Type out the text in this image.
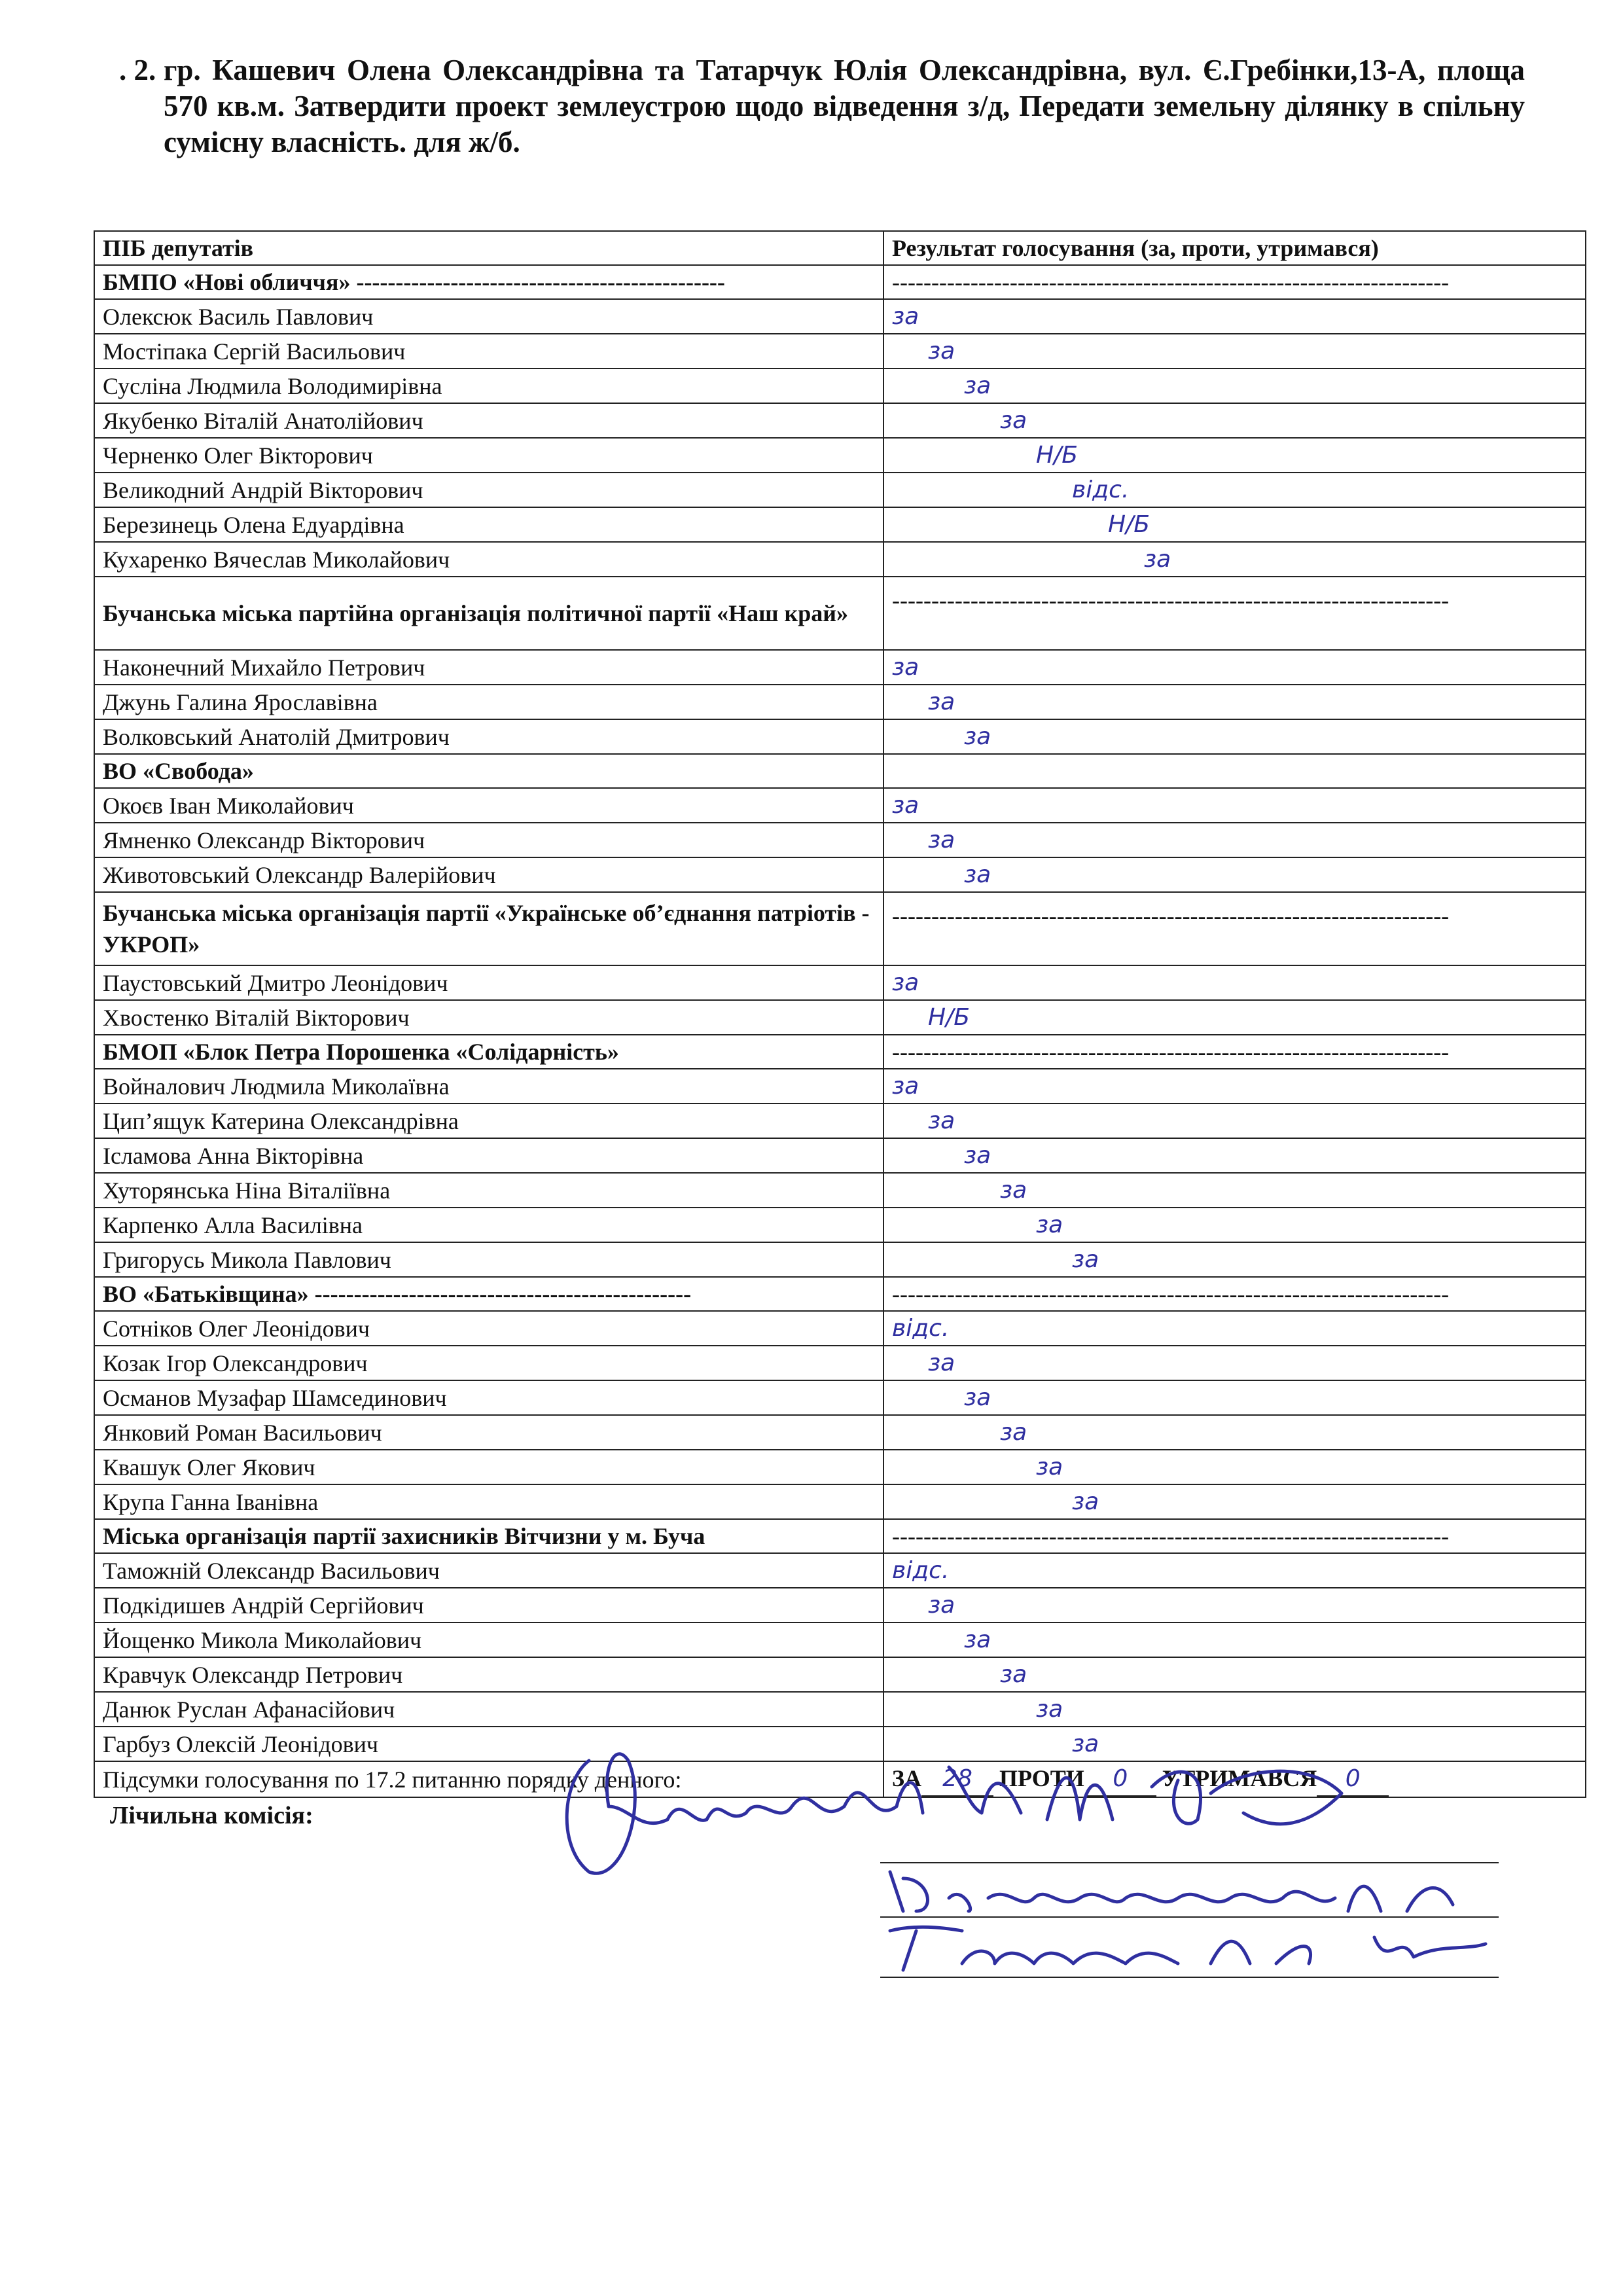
. 2. гр. Кашевич Олена Олександрівна та Татарчук Юлія Олександрівна, вул. Є.Гребінки,13-А, площа 570 кв.м. Затвердити проект землеустрою щодо відведення з/д, Передати земельну ділянку в спільну сумісну власність. для ж/б.
ПІБ депутатів	Результат голосування (за, проти, утримався)
БМПО «Нові обличчя» -----------------------------------------------	-----------------------------------------------------------------------
Олексюк Василь Павлович	за
Мостіпака Сергій Васильович	за
Сусліна Людмила Володимирівна	за
Якубенко Віталій Анатолійович	за
Черненко Олег Вікторович	Н/Б
Великодний Андрій Вікторович	відс.
Березинець Олена Едуардівна	Н/Б
Кухаренко Вячеслав Миколайович	за
Бучанська міська партійна організація політичної партії «Наш край»	-----------------------------------------------------------------------
Наконечний Михайло Петрович	за
Джунь Галина Ярославівна	за
Волковський Анатолій Дмитрович	за
ВО «Свобода»	
Окоєв Іван Миколайович	за
Ямненко Олександр Вікторович	за
Животовський Олександр Валерійович	за
Бучанська міська організація партії «Українське об’єднання патріотів - УКРОП»	-----------------------------------------------------------------------
Паустовський Дмитро Леонідович	за
Хвостенко Віталій Вікторович	Н/Б
БМОП «Блок Петра Порошенка «Солідарність»	-----------------------------------------------------------------------
Войналович Людмила Миколаївна	за
Цип’ящук Катерина Олександрівна	за
Ісламова Анна Вікторівна	за
Хуторянська Ніна Віталіївна	за
Карпенко Алла Василівна	за
Григорусь Микола Павлович	за
ВО «Батьківщина» ------------------------------------------------	-----------------------------------------------------------------------
Сотніков Олег Леонідович	відс.
Козак Ігор Олександрович	за
Османов Музафар Шамсединович	за
Янковий Роман Васильович	за
Квашук Олег Якович	за
Крупа Ганна Іванівна	за
Міська організація партії захисників Вітчизни у м. Буча	-----------------------------------------------------------------------
Таможній Олександр Васильович	відс.
Подкідишев Андрій Сергійович	за
Йощенко Микола Миколайович	за
Кравчук Олександр Петрович	за
Данюк Руслан Афанасійович	за
Гарбуз Олексій Леонідович	за
Підсумки голосування по 17.2 питанню порядку денного:	ЗА 28 ПРОТИ 0 УТРИМАВСЯ 0
Лічильна комісія:
